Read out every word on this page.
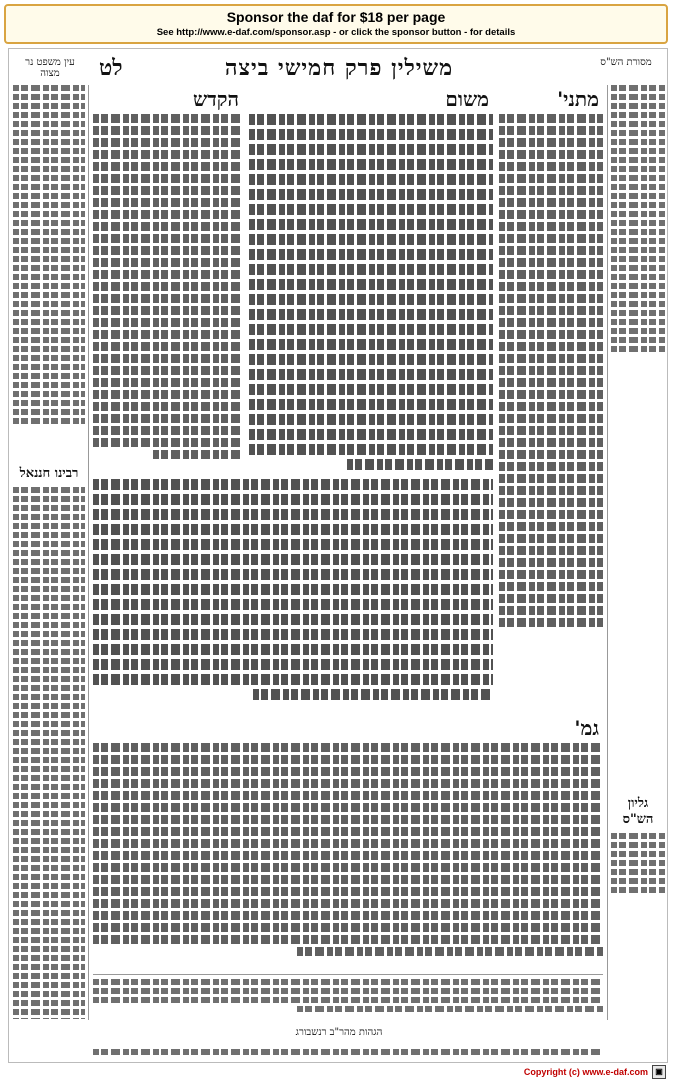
Sponsor the daf for $18 per page
See http://www.e-daf.com/sponsor.asp - or click the sponsor button - for details
עין משפט נר מצוה	לט	משילין פרק חמישי ביצה	מסורת הש"ס
רבינו חננאל
הקדש	משום	מתני'
גליון הש"ס
גמ'
הגהות מהר"ב רנשבורג
Copyright (c) www.e-daf.com ▣
